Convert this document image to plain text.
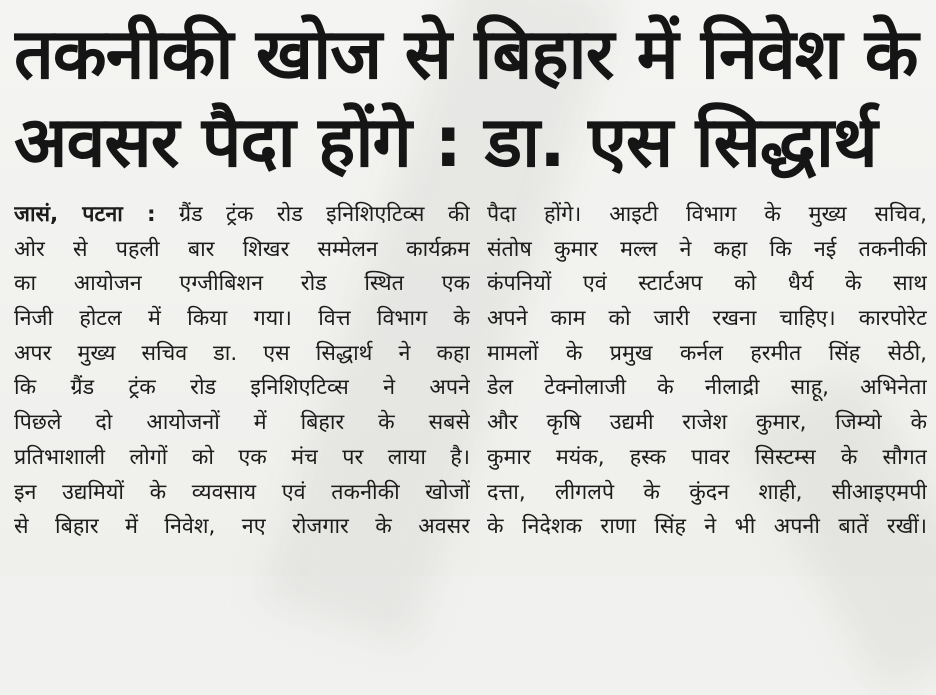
तकनीकी खोज से बिहार में निवेश के
अवसर पैदा होंगे : डा. एस सिद्धार्थ
जासं, पटना : ग्रैंड ट्रंक रोड इनिशिएटिव्स की
ओर से पहली बार शिखर सम्मेलन कार्यक्रम
का आयोजन एग्जीबिशन रोड स्थित एक
निजी होटल में किया गया। वित्त विभाग के
अपर मुख्य सचिव डा. एस सिद्धार्थ ने कहा
कि ग्रैंड ट्रंक रोड इनिशिएटिव्स ने अपने
पिछले दो आयोजनों में बिहार के सबसे
प्रतिभाशाली लोगों को एक मंच पर लाया है।
इन उद्यमियों के व्यवसाय एवं तकनीकी खोजों
से बिहार में निवेश, नए रोजगार के अवसर
पैदा होंगे। आइटी विभाग के मुख्य सचिव,
संतोष कुमार मल्ल ने कहा कि नई तकनीकी
कंपनियों एवं स्टार्टअप को धैर्य के साथ
अपने काम को जारी रखना चाहिए। कारपोरेट
मामलों के प्रमुख कर्नल हरमीत सिंह सेठी,
डेल टेक्नोलाजी के नीलाद्री साहू, अभिनेता
और कृषि उद्यमी राजेश कुमार, जिम्यो के
कुमार मयंक, हस्क पावर सिस्टम्स के सौगत
दत्ता, लीगलपे के कुंदन शाही, सीआइएमपी
के निदेशक राणा सिंह ने भी अपनी बातें रखीं।
